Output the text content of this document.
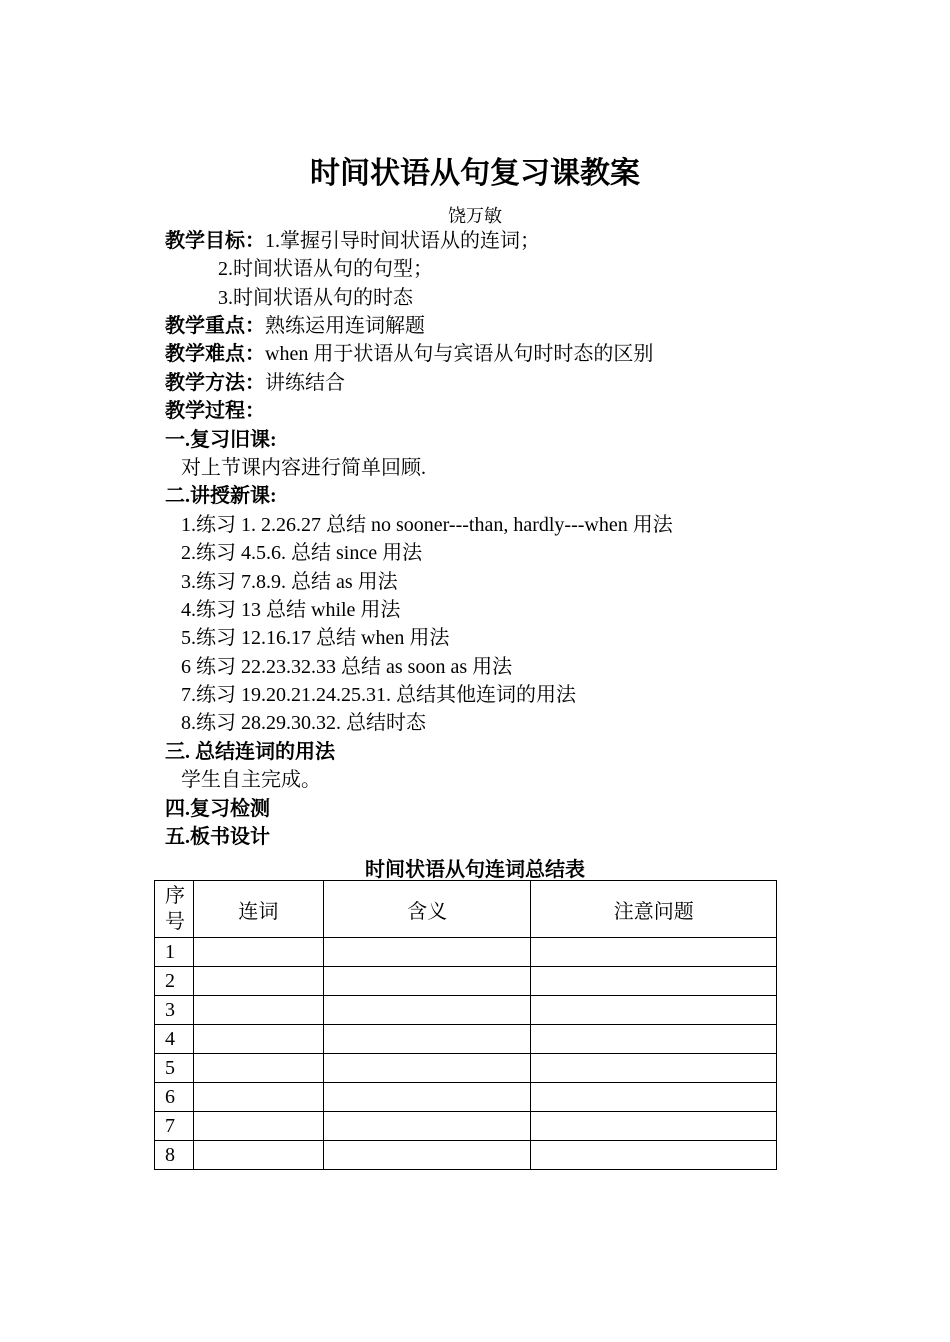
时间状语从句复习课教案
饶万敏
教学目标：1.掌握引导时间状语从的连词；
2.时间状语从句的句型；
3.时间状语从句的时态
教学重点：熟练运用连词解题
教学难点：when 用于状语从句与宾语从句时时态的区别
教学方法：讲练结合
教学过程：
一.复习旧课:
对上节课内容进行简单回顾.
二.讲授新课:
1.练习 1. 2.26.27 总结 no sooner---than, hardly---when 用法
2.练习 4.5.6. 总结 since 用法
3.练习 7.8.9. 总结 as 用法
4.练习 13 总结 while 用法
5.练习 12.16.17 总结 when 用法
6 练习 22.23.32.33 总结 as soon as 用法
7.练习 19.20.21.24.25.31. 总结其他连词的用法
8.练习 28.29.30.32. 总结时态
三. 总结连词的用法
学生自主完成。
四.复习检测
五.板书设计
时间状语从句连词总结表
序
号	连词	含义	注意问题
1			
2			
3			
4			
5			
6			
7			
8			
